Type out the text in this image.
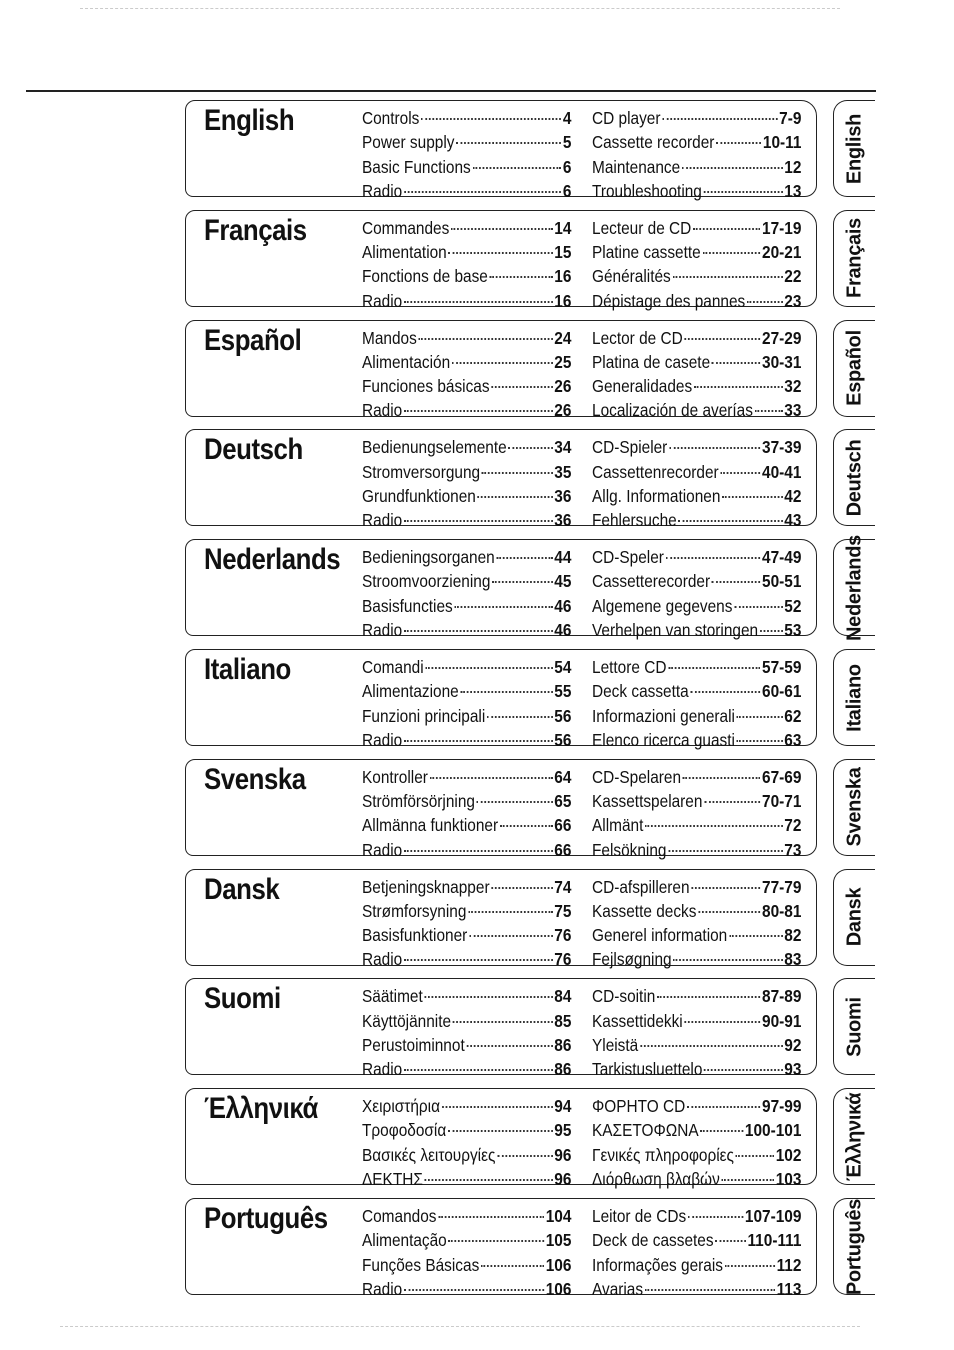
English	Controls	4
Power supply	5
Basic Functions	6
Radio	6
CD player	7-9
Cassette recorder	10-11
Maintenance	12
Troubleshooting	13
English
Français	Commandes	14
Alimentation	15
Fonctions de base	16
Radio	16
Lecteur de CD	17-19
Platine cassette	20-21
Généralités	22
Dépistage des pannes 23
Français
Español	Mandos	24
Alimentación	25
Funciones básicas	26
Radio	26
Lector de CD	27-29
Platina de casete	30-31
Generalidades	32
Localización de averías 33
Español
Deutsch	Bedienungselemente	34
Stromversorgung	35
Grundfunktionen	36
Radio	36
CD-Spieler	37-39
Cassettenrecorder 40-41
Allg. Informationen	42
Fehlersuche	43
Deutsch
Nederlands Bedieningsorganen	44
Stroomvoorziening	45
Basisfuncties	46
Radio	46
CD-Speler	47-49
Cassetterecorder	50-51
Algemene gegevens	52
Verhelpen van storingen 53 Nederlands
Italiano	Comandi	54
Alimentazione	55
Funzioni principali	56
Radio	56
Lettore CD	57-59
Deck cassetta	60-61
Informazioni generali	62
Elenco ricerca guasti	63
Italiano
Svenska	Kontroller	64
Strömförsörjning	65
Allmänna funktioner	66
Radio	66
CD-Spelaren	67-69
Kassettspelaren	70-71
Allmänt	72
Felsökning	73
Svenska
Dansk	Betjeningsknapper	74
Strømforsyning	75
Basisfunktioner	76
Radio	76
CD-afspilleren	77-79
Kassette decks	80-81
Generel information	82
Fejlsøgning	83
Dansk
Suomi	Säätimet	84
Käyttöjännite	85
Perustoiminnot	86
Radio	86
CD-soitin	87-89
Kassettidekki	90-91
Yleistä	92
Tarkistusluettelo	93
Suomi
Έλληνικά	Χειριστήρια	94
Τροφοδοσία	95
Βασικές λειτουργίες	96
ΔΕΚΤΗΣ	96
ΦΟΡΗΤΟ CD	97-99
ΚΑΣΕΤΟΦΩΝΑ	100-101
Γενικές πληροφορίες 102
Διόρθωση βλαβών	103 Έλληνικά
Português Comandos	104
Alimentação	105
Funções Básicas	106
Radio	106
Leitor de CDs	107-109
Deck de cassetes 110-111
Informações gerais	112
Avarias	113 Português
